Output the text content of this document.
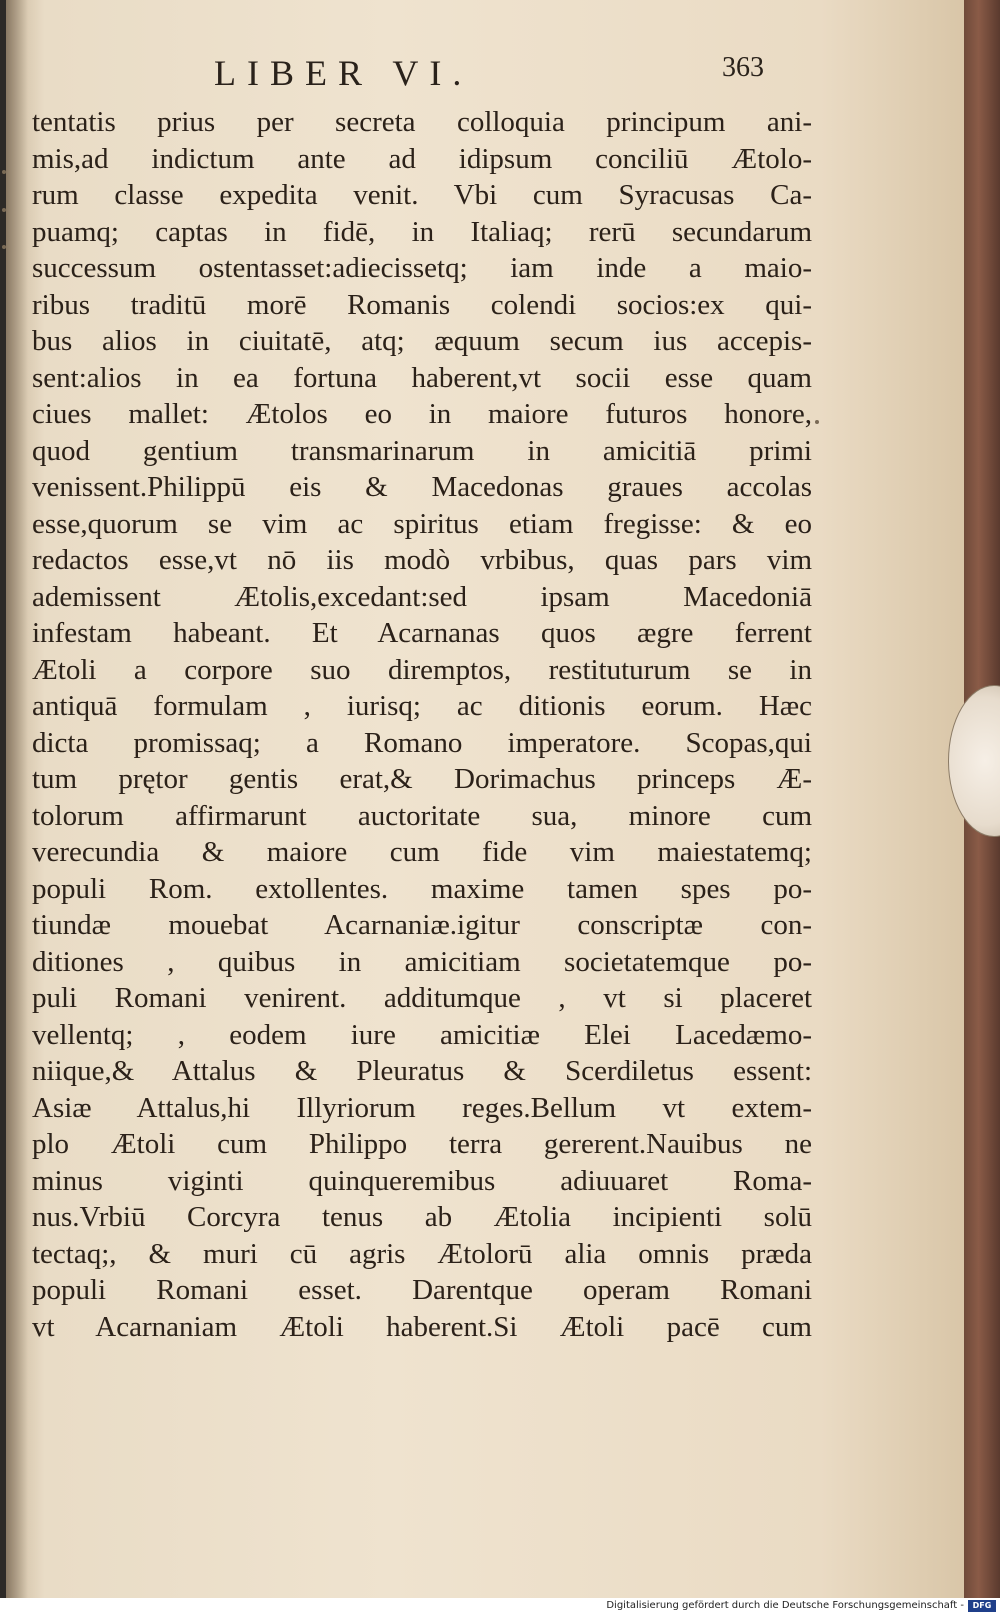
LIBER VI.	363
tentatis prius per secreta colloquia principum ani-
mis,ad indictum ante ad idipsum conciliū Ætolo-
rum classe expedita venit. Vbi cum Syracusas Ca-
puamq; captas in fidē, in Italiaq; rerū secundarum
successum ostentasset:adiecissetq; iam inde a maio-
ribus traditū morē Romanis colendi socios:ex qui-
bus alios in ciuitatē, atq; æquum secum ius accepis-
sent:alios in ea fortuna haberent,vt socii esse quam
ciues mallet: Ætolos eo in maiore futuros honore,
quod gentium transmarinarum in amicitiā primi
venissent.Philippū eis & Macedonas graues accolas
esse,quorum se vim ac spiritus etiam fregisse: & eo
redactos esse,vt nō iis modò vrbibus, quas pars vim
ademissent Ætolis,excedant:sed ipsam Macedoniā
infestam habeant. Et Acarnanas quos ægre ferrent
Ætoli a corpore suo diremptos, restituturum se in
antiquā formulam , iurisq; ac ditionis eorum. Hæc
dicta promissaq; a Romano imperatore. Scopas,qui
tum prętor gentis erat,& Dorimachus princeps Æ-
tolorum affirmarunt auctoritate sua, minore cum
verecundia & maiore cum fide vim maiestatemq;
populi Rom. extollentes. maxime tamen spes po-
tiundæ mouebat Acarnaniæ.igitur conscriptæ con-
ditiones , quibus in amicitiam societatemque po-
puli Romani venirent. additumque , vt si placeret
vellentq; , eodem iure amicitiæ Elei Lacedæmo-
niique,& Attalus & Pleuratus & Scerdiletus essent:
Asiæ Attalus,hi Illyriorum reges.Bellum vt extem-
plo Ætoli cum Philippo terra gererent.Nauibus ne
minus viginti quinqueremibus adiuuaret Roma-
nus.Vrbiū Corcyra tenus ab Ætolia incipienti solū
tectaq;, & muri cū agris Ætolorū alia omnis præda
populi Romani esset. Darentque operam Romani
vt Acarnaniam Ætoli haberent.Si Ætoli pacē cum
Digitalisierung gefördert durch die Deutsche Forschungsgemeinschaft -	DFG
